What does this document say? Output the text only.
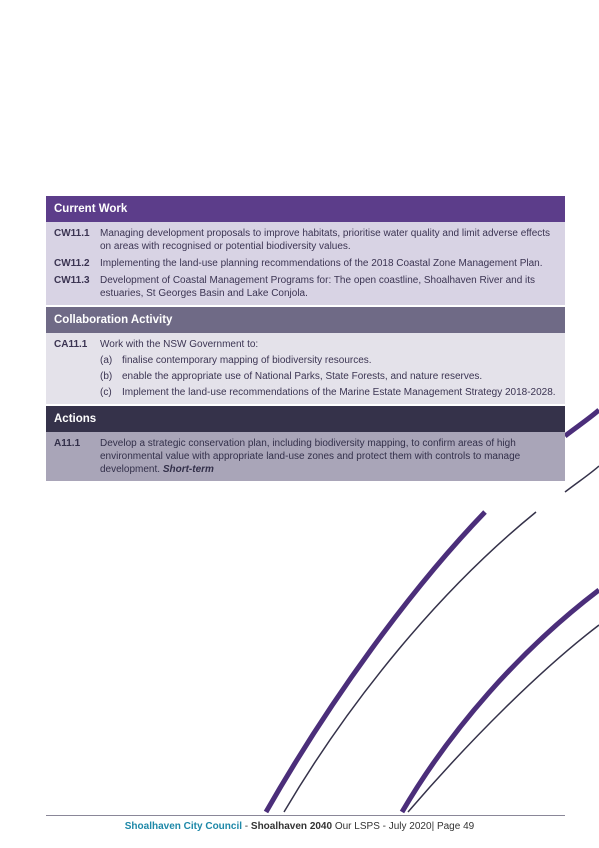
Current Work
CW11.1	Managing development proposals to improve habitats, prioritise water quality and limit adverse effects on areas with recognised or potential biodiversity values.
CW11.2	Implementing the land-use planning recommendations of the 2018 Coastal Zone Management Plan.
CW11.3	Development of Coastal Management Programs for: The open coastline, Shoalhaven River and its estuaries, St Georges Basin and Lake Conjola.
Collaboration Activity
CA11.1	Work with the NSW Government to:
(a) finalise contemporary mapping of biodiversity resources.
(b) enable the appropriate use of National Parks, State Forests, and nature reserves.
(c)	Implement the land-use recommendations of the Marine Estate Management Strategy 2018-2028.
Actions
A11.1	Develop a strategic conservation plan, including biodiversity mapping, to confirm areas of high environmental value with appropriate land-use zones and protect them with controls to manage development. Short-term
Shoalhaven City Council - Shoalhaven 2040 Our LSPS - July 2020| Page 49
